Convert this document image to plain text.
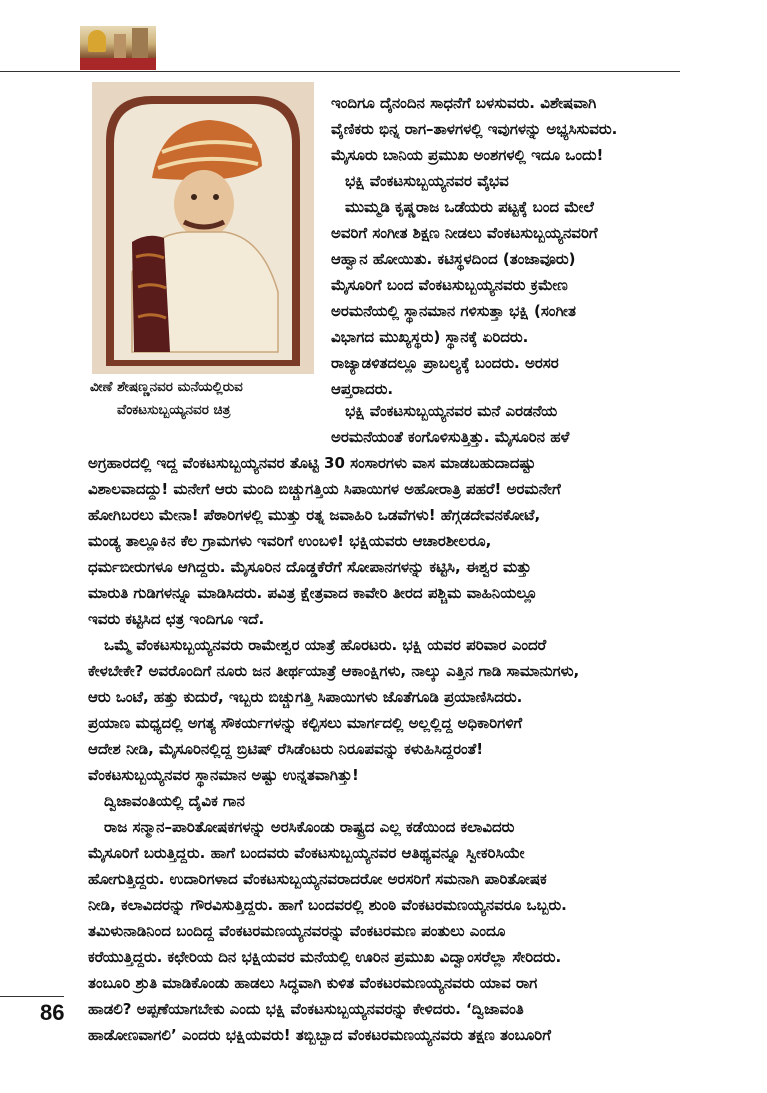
ವೀಣೆ ಶೇಷಣ್ಣನವರ ಮನೆಯಲ್ಲಿರುವ
ವೆಂಕಟಸುಬ್ಬಯ್ಯನವರ ಚಿತ್ರ
ಇಂದಿಗೂ ದೈನಂದಿನ ಸಾಧನೆಗೆ ಬಳಸುವರು. ವಿಶೇಷವಾಗಿ
ವೈಣಿಕರು ಭಿನ್ನ ರಾಗ–ತಾಳಗಳಲ್ಲಿ ಇವುಗಳನ್ನು ಅಭ್ಯಸಿಸುವರು.
ಮೈಸೂರು ಬಾನಿಯ ಪ್ರಮುಖ ಅಂಶಗಳಲ್ಲಿ ಇದೂ ಒಂದು!
ಭಕ್ಷಿ ವೆಂಕಟಸುಬ್ಬಯ್ಯನವರ ವೈಭವ
ಮುಮ್ಮಡಿ ಕೃಷ್ಣರಾಜ ಒಡೆಯರು ಪಟ್ಟಕ್ಕೆ ಬಂದ ಮೇಲೆ
ಅವರಿಗೆ ಸಂಗೀತ ಶಿಕ್ಷಣ ನೀಡಲು ವೆಂಕಟಸುಬ್ಬಯ್ಯನವರಿಗೆ
ಆಹ್ವಾನ ಹೋಯಿತು. ಕಟಿಸ್ಥಳದಿಂದ (ತಂಜಾವೂರು)
ಮೈಸೂರಿಗೆ ಬಂದ ವೆಂಕಟಸುಬ್ಬಯ್ಯನವರು ಕ್ರಮೇಣ
ಅರಮನೆಯಲ್ಲಿ ಸ್ಥಾನಮಾನ ಗಳಿಸುತ್ತಾ ಭಕ್ಷಿ (ಸಂಗೀತ
ವಿಭಾಗದ ಮುಖ್ಯಸ್ಥರು) ಸ್ಥಾನಕ್ಕೆ ಏರಿದರು.
ರಾಜ್ಯಾಡಳಿತದಲ್ಲೂ ಪ್ರಾಬಲ್ಯಕ್ಕೆ ಬಂದರು. ಅರಸರ
ಆಪ್ತರಾದರು.
ಭಕ್ಷಿ ವೆಂಕಟಸುಬ್ಬಯ್ಯನವರ ಮನೆ ಎರಡನೆಯ
ಅರಮನೆಯಂತೆ ಕಂಗೊಳಿಸುತ್ತಿತ್ತು. ಮೈಸೂರಿನ ಹಳೆ
ಅಗ್ರಹಾರದಲ್ಲಿ ಇದ್ದ ವೆಂಕಟಸುಬ್ಬಯ್ಯನವರ ತೊಟ್ಟಿ 30 ಸಂಸಾರಗಳು ವಾಸ ಮಾಡಬಹುದಾದಷ್ಟು
ವಿಶಾಲವಾದದ್ದು! ಮನೇಗೆ ಆರು ಮಂದಿ ಬಿಚ್ಚುಗತ್ತಿಯ ಸಿಪಾಯಿಗಳ ಅಹೋರಾತ್ರಿ ಪಹರೆ! ಅರಮನೇಗೆ
ಹೋಗಿಬರಲು ಮೇನಾ! ಪೆಠಾರಿಗಳಲ್ಲಿ ಮುತ್ತು ರತ್ನ ಜವಾಹಿರಿ ಒಡವೆಗಳು! ಹೆಗ್ಗಡದೇವನಕೋಟೆ,
ಮಂಡ್ಯ ತಾಲ್ಲೂಕಿನ ಕೆಲ ಗ್ರಾಮಗಳು ಇವರಿಗೆ ಉಂಬಳಿ! ಭಕ್ಷಿಯವರು ಆಚಾರಶೀಲರೂ,
ಧರ್ಮಬೀರುಗಳೂ ಆಗಿದ್ದರು. ಮೈಸೂರಿನ ದೊಡ್ಡಕೆರೆಗೆ ಸೋಪಾನಗಳನ್ನು ಕಟ್ಟಿಸಿ, ಈಶ್ವರ ಮತ್ತು
ಮಾರುತಿ ಗುಡಿಗಳನ್ನೂ ಮಾಡಿಸಿದರು. ಪವಿತ್ರ ಕ್ಷೇತ್ರವಾದ ಕಾವೇರಿ ತೀರದ ಪಶ್ಚಿಮ ವಾಹಿನಿಯಲ್ಲೂ
ಇವರು ಕಟ್ಟಿಸಿದ ಛತ್ರ ಇಂದಿಗೂ ಇದೆ.
ಒಮ್ಮೆ ವೆಂಕಟಸುಬ್ಬಯ್ಯನವರು ರಾಮೇಶ್ವರ ಯಾತ್ರೆ ಹೊರಟರು. ಭಕ್ಷಿ ಯವರ ಪರಿವಾರ ಎಂದರೆ
ಕೇಳಬೇಕೇ? ಅವರೊಂದಿಗೆ ನೂರು ಜನ ತೀರ್ಥಯಾತ್ರೆ ಆಕಾಂಕ್ಷಿಗಳು, ನಾಲ್ಕು ಎತ್ತಿನ ಗಾಡಿ ಸಾಮಾನುಗಳು,
ಆರು ಒಂಟೆ, ಹತ್ತು ಕುದುರೆ, ಇಬ್ಬರು ಬಿಚ್ಚುಗತ್ತಿ ಸಿಪಾಯಿಗಳು ಜೊತೆಗೂಡಿ ಪ್ರಯಾಣಿಸಿದರು.
ಪ್ರಯಾಣ ಮಧ್ಯದಲ್ಲಿ ಅಗತ್ಯ ಸೌಕರ್ಯಗಳನ್ನು ಕಲ್ಪಿಸಲು ಮಾರ್ಗದಲ್ಲಿ ಅಲ್ಲಲ್ಲಿದ್ದ ಅಧಿಕಾರಿಗಳಿಗೆ
ಆದೇಶ ನೀಡಿ, ಮೈಸೂರಿನಲ್ಲಿದ್ದ ಬ್ರಿಟಿಷ್ ರೆಸಿಡೆಂಟರು ನಿರೂಪವನ್ನು ಕಳುಹಿಸಿದ್ದರಂತೆ!
ವೆಂಕಟಸುಬ್ಬಯ್ಯನವರ ಸ್ಥಾನಮಾನ ಅಷ್ಟು ಉನ್ನತವಾಗಿತ್ತು!
ದ್ವಿಜಾವಂತಿಯಲ್ಲಿ ದೈವಿಕ ಗಾನ
ರಾಜ ಸನ್ಮಾನ–ಪಾರಿತೋಷಕಗಳನ್ನು ಅರಸಿಕೊಂಡು ರಾಷ್ಟ್ರದ ಎಲ್ಲ ಕಡೆಯಿಂದ ಕಲಾವಿದರು
ಮೈಸೂರಿಗೆ ಬರುತ್ತಿದ್ದರು. ಹಾಗೆ ಬಂದವರು ವೆಂಕಟಸುಬ್ಬಯ್ಯನವರ ಆತಿಥ್ಯವನ್ನೂ ಸ್ವೀಕರಿಸಿಯೇ
ಹೋಗುತ್ತಿದ್ದರು. ಉದಾರಿಗಳಾದ ವೆಂಕಟಸುಬ್ಬಯ್ಯನವರಾದರೋ ಅರಸರಿಗೆ ಸಮನಾಗಿ ಪಾರಿತೋಷಕ
ನೀಡಿ, ಕಲಾವಿದರನ್ನು ಗೌರವಿಸುತ್ತಿದ್ದರು. ಹಾಗೆ ಬಂದವರಲ್ಲಿ ಶುಂಠಿ ವೆಂಕಟರಮಣಯ್ಯನವರೂ ಒಬ್ಬರು.
ತಮಿಳುನಾಡಿನಿಂದ ಬಂದಿದ್ದ ವೆಂಕಟರಮಣಯ್ಯನವರನ್ನು ವೆಂಕಟರಮಣ ಪಂತುಲು ಎಂದೂ
ಕರೆಯುತ್ತಿದ್ದರು. ಕಛೇರಿಯ ದಿನ ಭಕ್ಷಿಯವರ ಮನೆಯಲ್ಲಿ ಊರಿನ ಪ್ರಮುಖ ವಿದ್ವಾಂಸರೆಲ್ಲಾ ಸೇರಿದರು.
ತಂಬೂರಿ ಶ್ರುತಿ ಮಾಡಿಕೊಂಡು ಹಾಡಲು ಸಿದ್ಧವಾಗಿ ಕುಳಿತ ವೆಂಕಟರಮಣಯ್ಯನವರು ಯಾವ ರಾಗ
ಹಾಡಲಿ? ಅಪ್ಪಣೆಯಾಗಬೇಕು ಎಂದು ಭಕ್ಷಿ ವೆಂಕಟಸುಬ್ಬಯ್ಯನವರನ್ನು ಕೇಳಿದರು. ‘ದ್ವಿಜಾವಂತಿ
ಹಾಡೋಣವಾಗಲಿ’ ಎಂದರು ಭಕ್ಷಿಯವರು! ತಬ್ಬಿಬ್ಬಾದ ವೆಂಕಟರಮಣಯ್ಯನವರು ತಕ್ಷಣ ತಂಬೂರಿಗೆ
86
